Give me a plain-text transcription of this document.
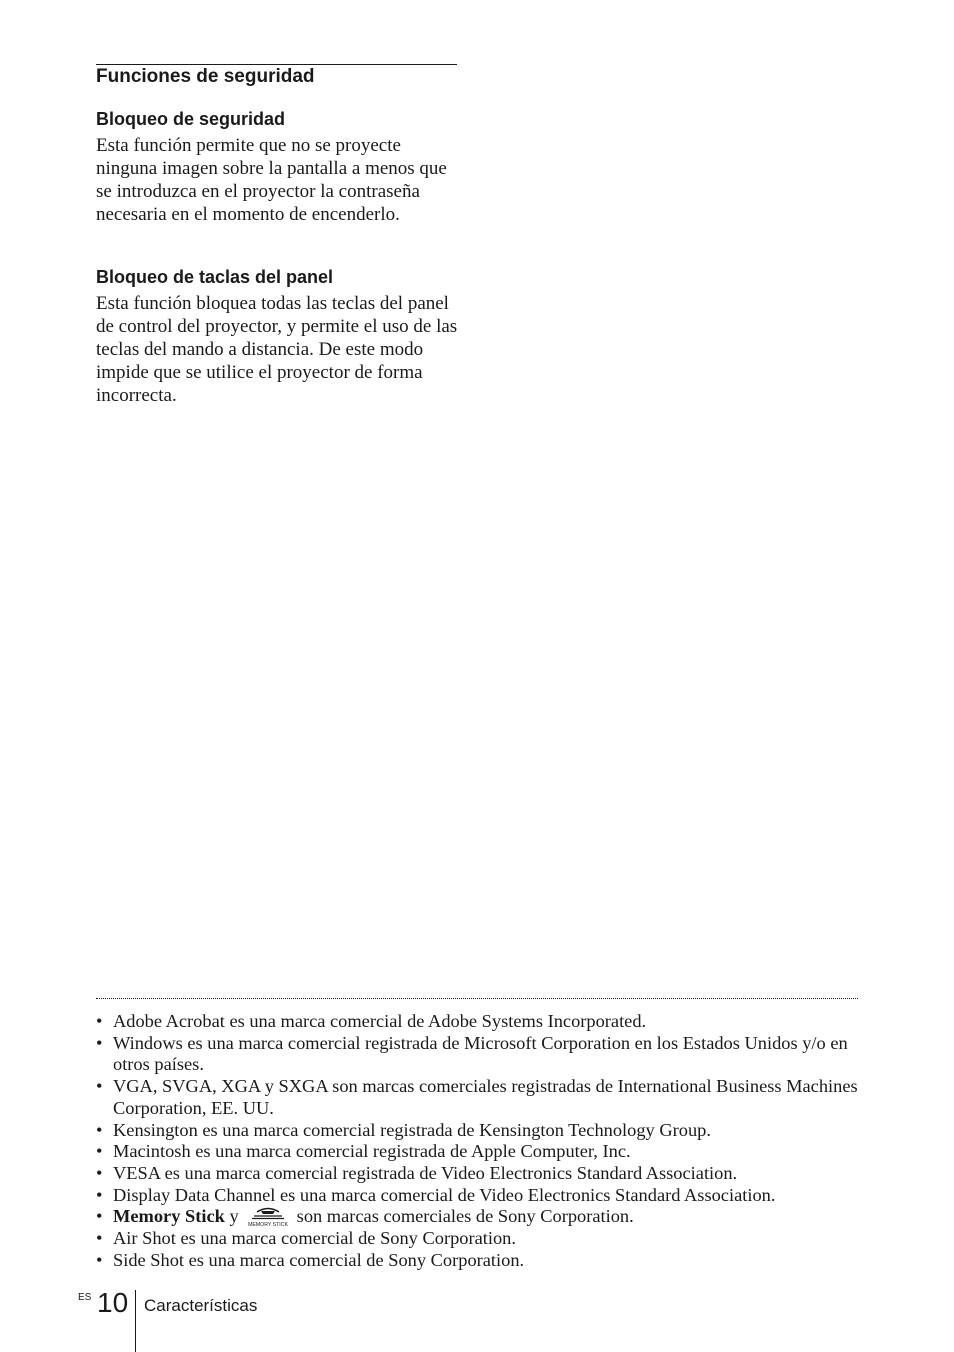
Funciones de seguridad
Bloqueo de seguridad

Esta función permite que no se proyecte ninguna imagen sobre la pantalla a menos que se introduzca en el proyector la contraseña necesaria en el momento de encenderlo.

Bloqueo de taclas del panel

Esta función bloquea todas las teclas del panel de control del proyector, y permite el uso de las teclas del mando a distancia. De este modo impide que se utilice el proyector de forma incorrecta.

• Adobe Acrobat es una marca comercial de Adobe Systems Incorporated.
• Windows es una marca comercial registrada de Microsoft Corporation en los Estados Unidos y/o en otros países.
• VGA, SVGA, XGA y SXGA son marcas comerciales registradas de International Business Machines Corporation, EE. UU.
• Kensington es una marca comercial registrada de Kensington Technology Group.
• Macintosh es una marca comercial registrada de Apple Computer, Inc.
• VESA es una marca comercial registrada de Video Electronics Standard Association.
• Display Data Channel es una marca comercial de Video Electronics Standard Association.
• Memory Stick y MEMORY STICK son marcas comerciales de Sony Corporation.
• Air Shot es una marca comercial de Sony Corporation.
• Side Shot es una marca comercial de Sony Corporation.
ES 10 Características
